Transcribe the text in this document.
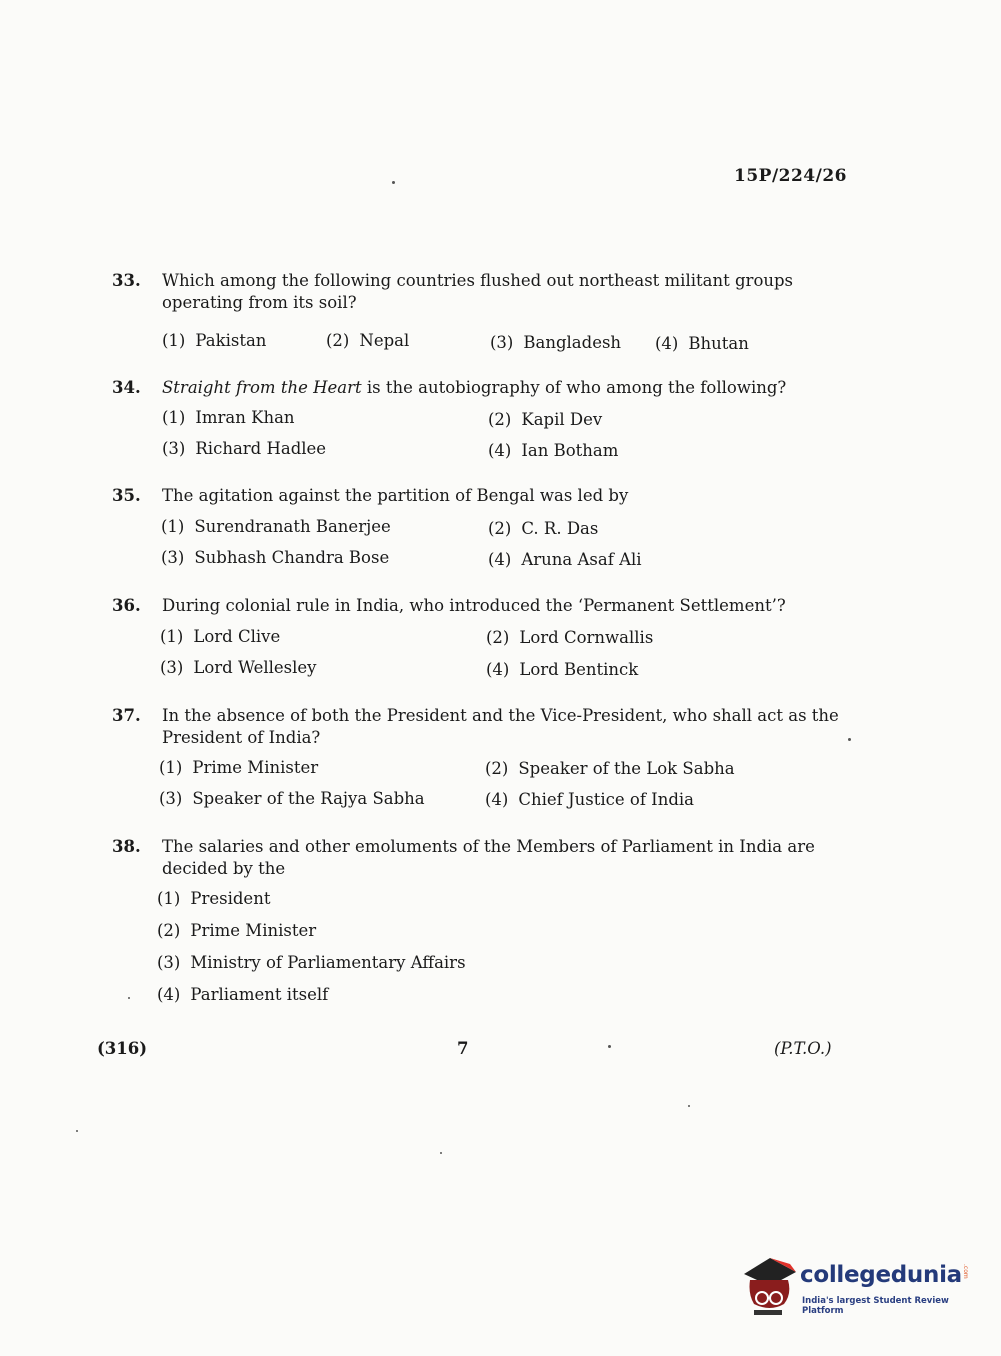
15P/224/26
33. Which among the following countries flushed out northeast militant groups operating from its soil?
(1) Pakistan	(2) Nepal	(3) Bangladesh (4) Bhutan
34. Straight from the Heart is the autobiography of who among the following?
(1) Imran Khan	(2) Kapil Dev
(3) Richard Hadlee	(4) Ian Botham
35. The agitation against the partition of Bengal was led by
(1) Surendranath Banerjee	(2) C. R. Das
(3) Subhash Chandra Bose	(4) Aruna Asaf Ali
36. During colonial rule in India, who introduced the ‘Permanent Settlement’?
(1) Lord Clive	(2) Lord Cornwallis
(3) Lord Wellesley	(4) Lord Bentinck
37. In the absence of both the President and the Vice-President, who shall act as the President of India?
(1) Prime Minister	(2) Speaker of the Lok Sabha
(3) Speaker of the Rajya Sabha	(4) Chief Justice of India
38. The salaries and other emoluments of the Members of Parliament in India are decided by the
(1) President
(2) Prime Minister
(3) Ministry of Parliamentary Affairs
(4) Parliament itself
(316)	7	(P.T.O.)
collegedunia .com
India's largest Student Review Platform
